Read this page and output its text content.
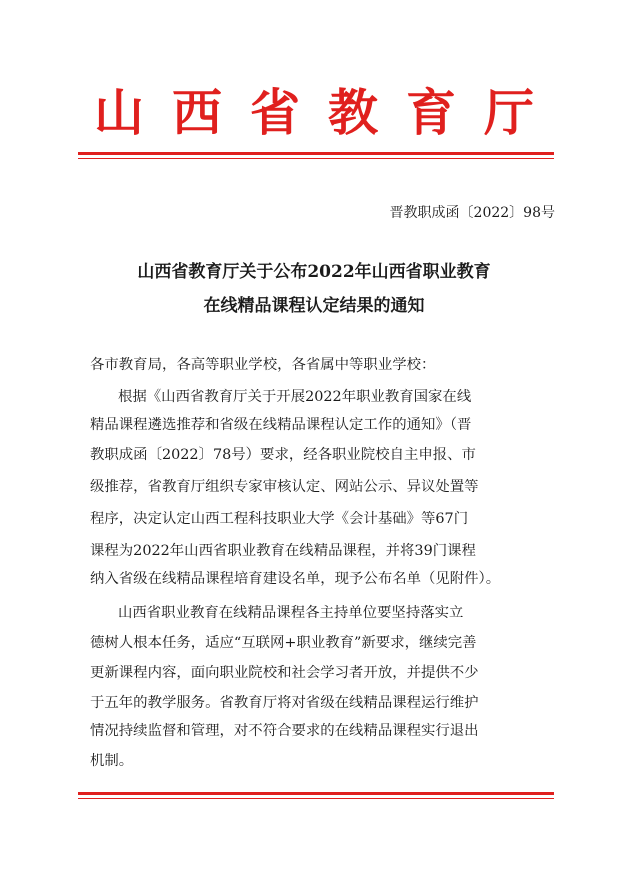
山西省教育厅
晋教职成函〔2022〕98号
山西省教育厅关于公布2022年山西省职业教育
在线精品课程认定结果的通知
各市教育局，各高等职业学校，各省属中等职业学校：
根据《山西省教育厅关于开展2022年职业教育国家在线
精品课程遴选推荐和省级在线精品课程认定工作的通知》（晋
教职成函〔2022〕78号）要求，经各职业院校自主申报、市
级推荐，省教育厅组织专家审核认定、网站公示、异议处置等
程序，决定认定山西工程科技职业大学《会计基础》等67门
课程为2022年山西省职业教育在线精品课程，并将39门课程
纳入省级在线精品课程培育建设名单，现予公布名单（见附件）。
山西省职业教育在线精品课程各主持单位要坚持落实立
德树人根本任务，适应“互联网+职业教育”新要求，继续完善
更新课程内容，面向职业院校和社会学习者开放，并提供不少
于五年的教学服务。省教育厅将对省级在线精品课程运行维护
情况持续监督和管理，对不符合要求的在线精品课程实行退出
机制。
